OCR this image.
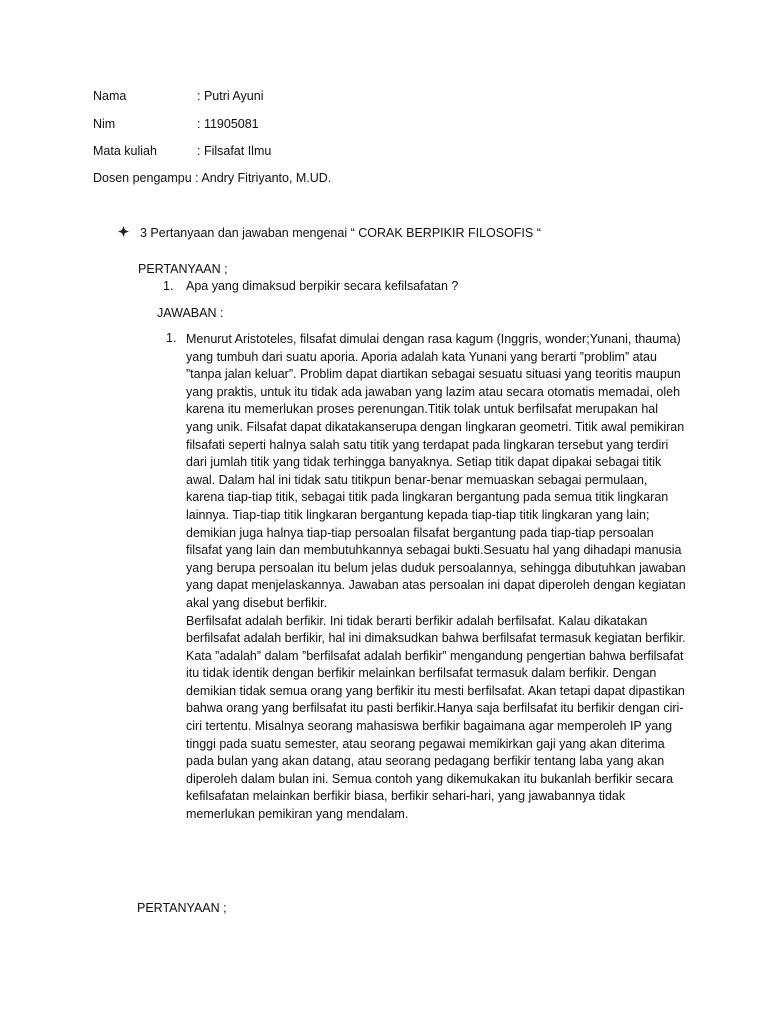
Nama	: Putri Ayuni
Nim	: 11905081
Mata kuliah	: Filsafat Ilmu
Dosen pengampu : Andry Fitriyanto, M.UD.
3 Pertanyaan dan jawaban mengenai “ CORAK BERPIKIR FILOSOFIS “
PERTANYAAN ;
1. Apa yang dimaksud berpikir secara kefilsafatan ?
JAWABAN :
1. Menurut Aristoteles, filsafat dimulai dengan rasa kagum (Inggris, wonder;Yunani, thauma) yang tumbuh dari suatu aporia. Aporia adalah kata Yunani yang berarti ”problim” atau ”tanpa jalan keluar”. Problim dapat diartikan sebagai sesuatu situasi yang teoritis maupun yang praktis, untuk itu tidak ada jawaban yang lazim atau secara otomatis memadai, oleh karena itu memerlukan proses perenungan.Titik tolak untuk berfilsafat merupakan hal yang unik. Filsafat dapat dikatakanserupa dengan lingkaran geometri. Titik awal pemikiran filsafati seperti halnya salah satu titik yang terdapat pada lingkaran tersebut yang terdiri dari jumlah titik yang tidak terhingga banyaknya. Setiap titik dapat dipakai sebagai titik awal. Dalam hal ini tidak satu titikpun benar-benar memuaskan sebagai permulaan, karena tiap-tiap titik, sebagai titik pada lingkaran bergantung pada semua titik lingkaran lainnya. Tiap-tiap titik lingkaran bergantung kepada tiap-tiap titik lingkaran yang lain; demikian juga halnya tiap-tiap persoalan filsafat bergantung pada tiap-tiap persoalan filsafat yang lain dan membutuhkannya sebagai bukti.Sesuatu hal yang dihadapi manusia yang berupa persoalan itu belum jelas duduk persoalannya, sehingga dibutuhkan jawaban yang dapat menjelaskannya. Jawaban atas persoalan ini dapat diperoleh dengan kegiatan akal yang disebut berfikir.

Berfilsafat adalah berfikir. Ini tidak berarti berfikir adalah berfilsafat. Kalau dikatakan berfilsafat adalah berfikir, hal ini dimaksudkan bahwa berfilsafat termasuk kegiatan berfikir. Kata ”adalah” dalam ”berfilsafat adalah berfikir” mengandung pengertian bahwa berfilsafat itu tidak identik dengan berfikir melainkan berfilsafat termasuk dalam berfikir. Dengan demikian tidak semua orang yang berfikir itu mesti berfilsafat. Akan tetapi dapat dipastikan bahwa orang yang berfilsafat itu pasti berfikir.Hanya saja berfilsafat itu berfikir dengan ciri-ciri tertentu. Misalnya seorang mahasiswa berfikir bagaimana agar memperoleh IP yang tinggi pada suatu semester, atau seorang pegawai memikirkan gaji yang akan diterima pada bulan yang akan datang, atau seorang pedagang berfikir tentang laba yang akan diperoleh dalam bulan ini. Semua contoh yang dikemukakan itu bukanlah berfikir secara kefilsafatan melainkan berfikir biasa, berfikir sehari-hari, yang jawabannya tidak memerlukan pemikiran yang mendalam.

PERTANYAAN ;
